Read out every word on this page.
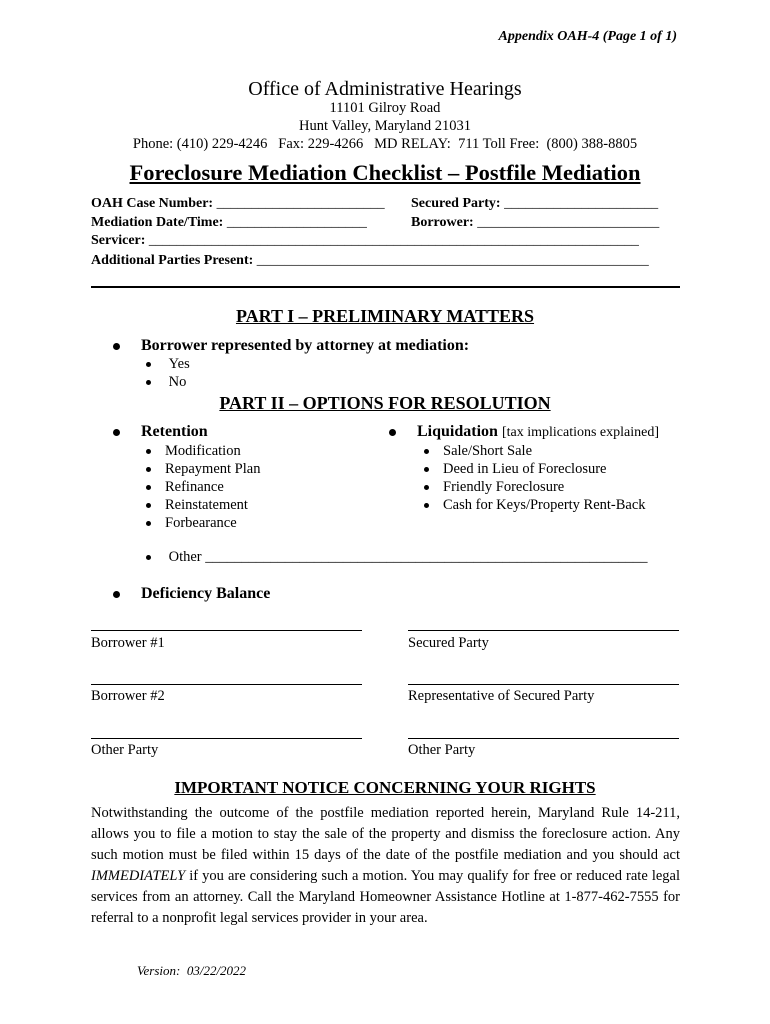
Appendix OAH-4 (Page 1 of 1)
Office of Administrative Hearings
11101 Gilroy Road
Hunt Valley, Maryland 21031
Phone: (410) 229-4246   Fax: 229-4266   MD RELAY:  711 Toll Free:  (800) 388-8805
Foreclosure Mediation Checklist – Postfile Mediation
OAH Case Number: ________________________ Secured Party: ______________________
Mediation Date/Time: ____________________	Borrower: __________________________
Servicer: ______________________________________________________________________
Additional Parties Present: ________________________________________________________
PART I – PRELIMINARY MATTERS
Borrower represented by attorney at mediation:
Yes
No
PART II – OPTIONS FOR RESOLUTION
Retention
Modification
Repayment Plan
Refinance
Reinstatement
Forbearance
Liquidation [tax implications explained]
Sale/Short Sale
Deed in Lieu of Foreclosure
Friendly Foreclosure
Cash for Keys/Property Rent-Back
Other _____________________________________________________________
Deficiency Balance
Borrower #1	Secured Party
Borrower #2	Representative of Secured Party
Other Party	Other Party
IMPORTANT NOTICE CONCERNING YOUR RIGHTS
Notwithstanding the outcome of the postfile mediation reported herein, Maryland Rule 14-211, allows you to file a motion to stay the sale of the property and dismiss the foreclosure action. Any such motion must be filed within 15 days of the date of the postfile mediation and you should act IMMEDIATELY if you are considering such a motion. You may qualify for free or reduced rate legal services from an attorney. Call the Maryland Homeowner Assistance Hotline at 1-877-462-7555 for referral to a nonprofit legal services provider in your area.
Version:  03/22/2022
